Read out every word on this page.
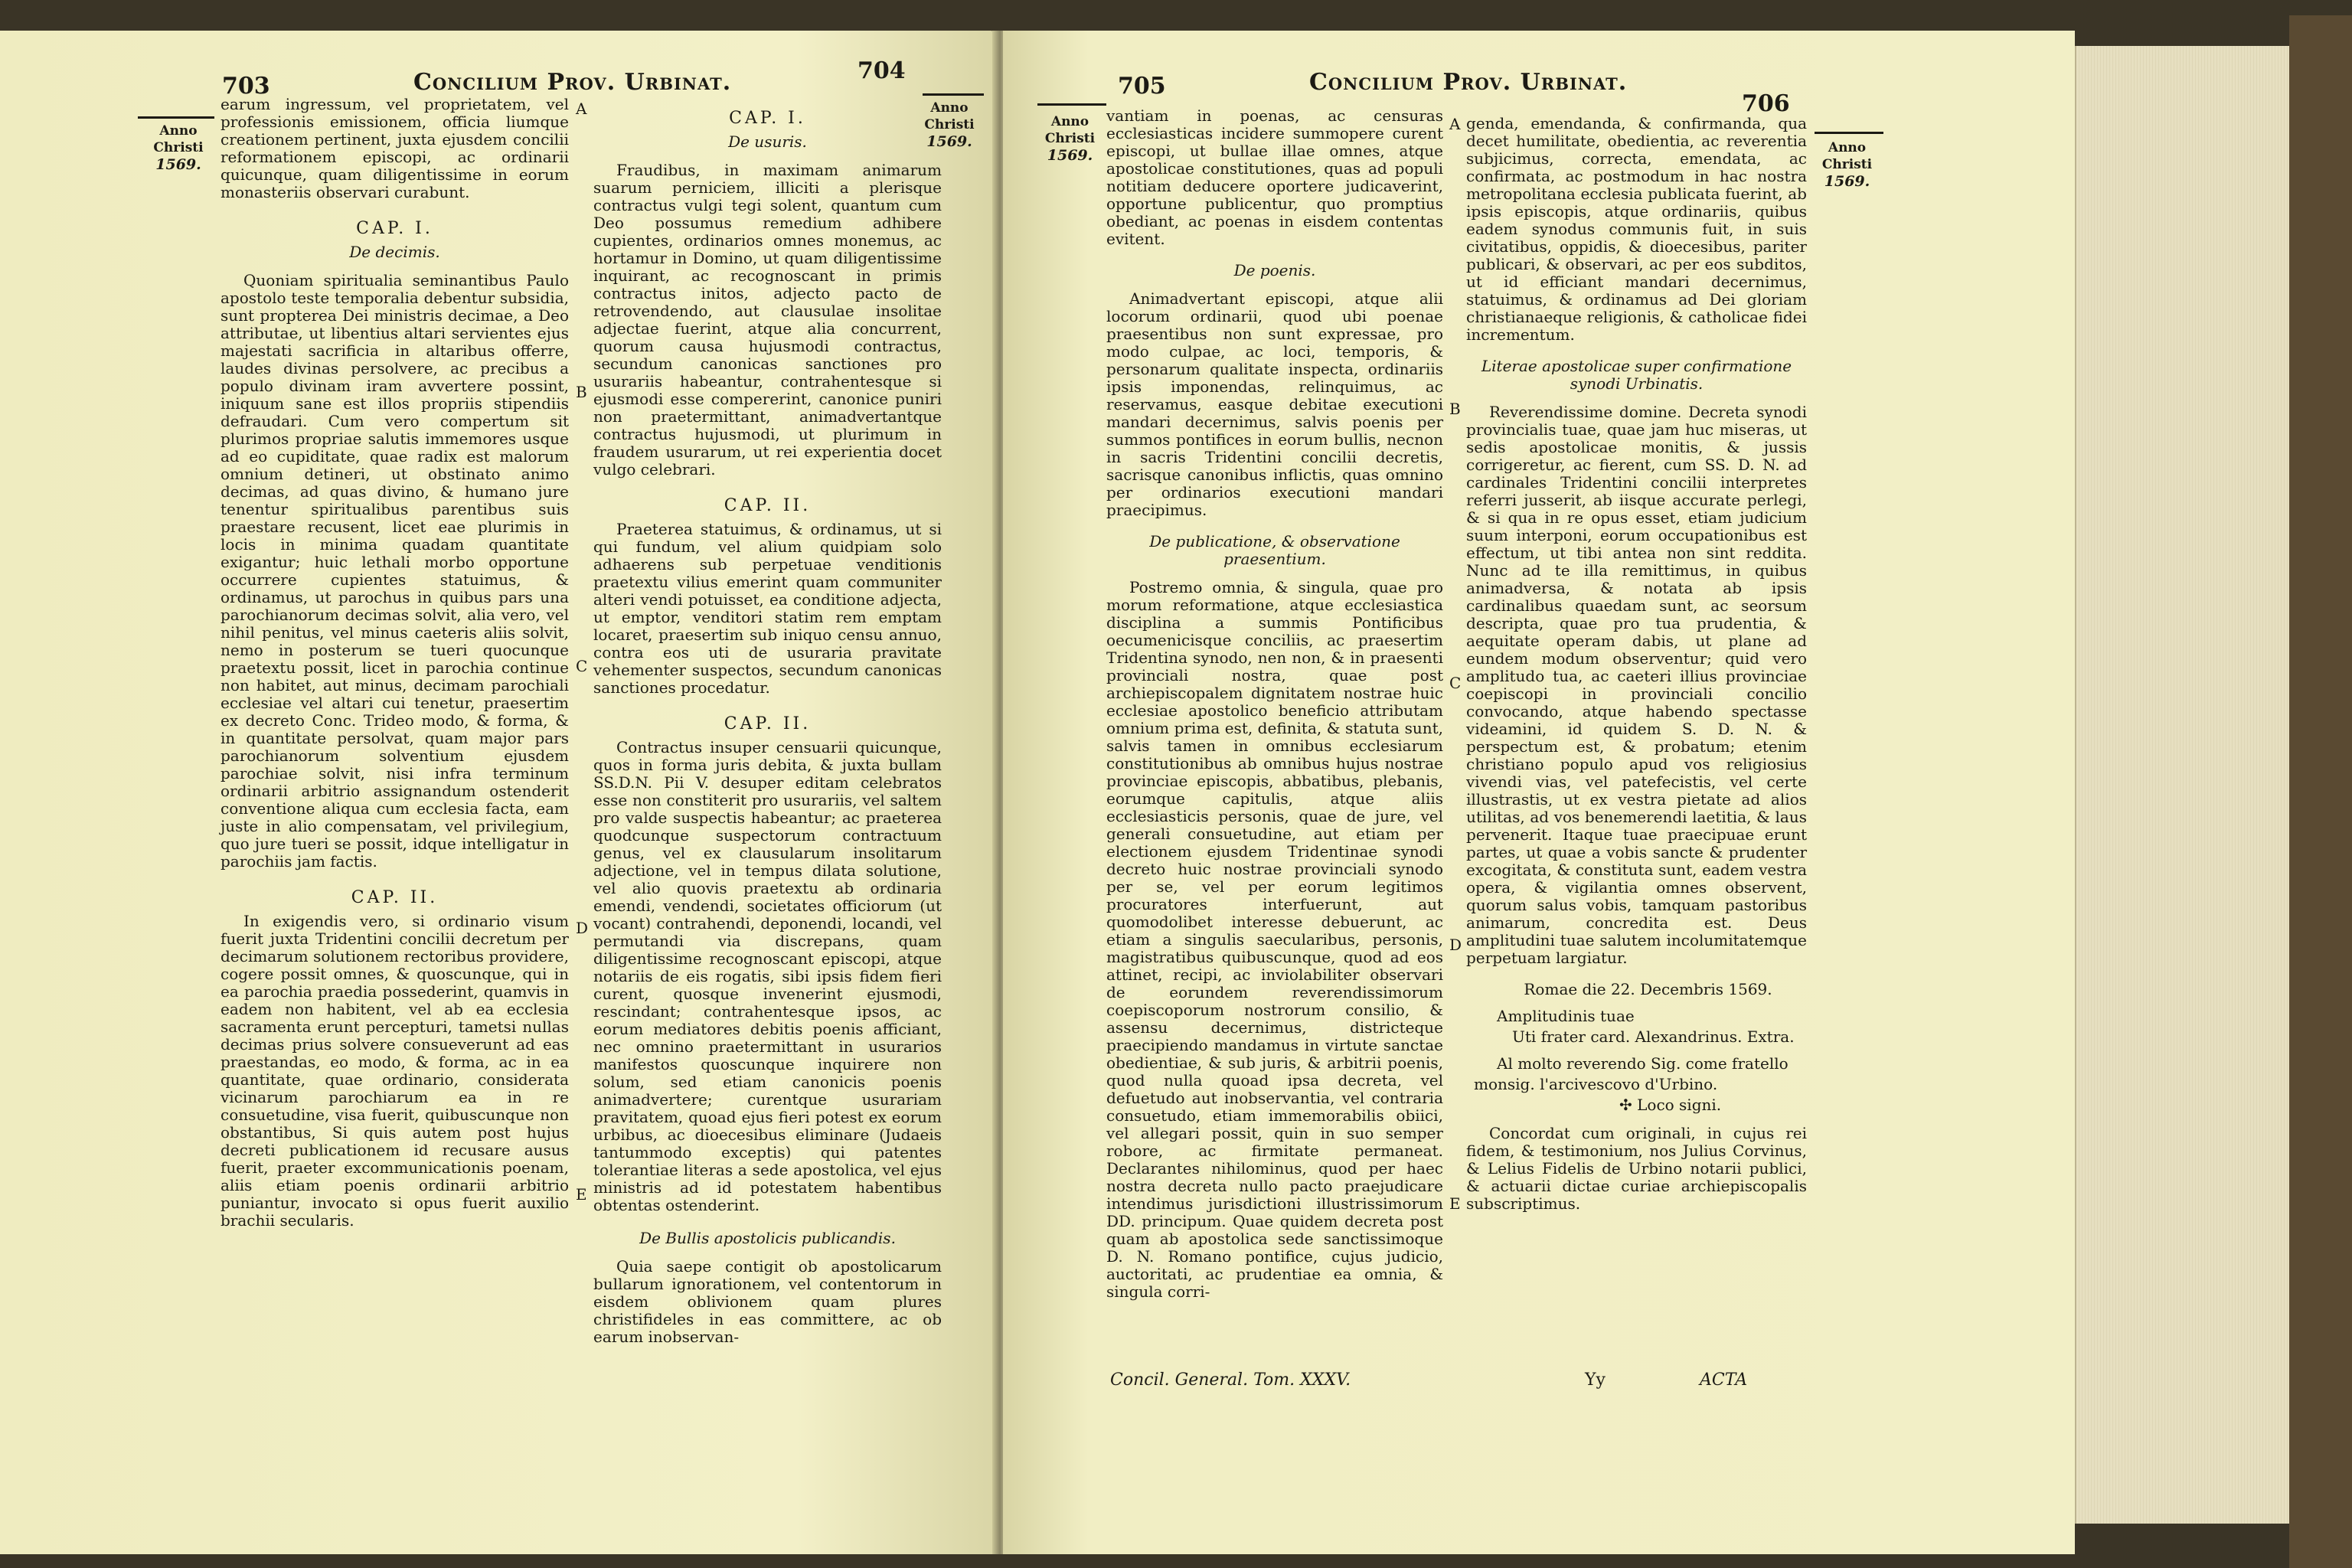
703	Concilium Prov. Urbinat.	704
Anno
Christi
1569.
Anno
Christi
1569.

earum ingressum, vel proprietatem, vel professionis emissionem, officia liumque creationem pertinent, juxta ejusdem concilii reformationem episcopi, ac ordinarii quicunque, quam diligentissime in eorum monasteriis observari curabunt.

CAP. I.
De decimis.

Quoniam spiritualia seminantibus Paulo apostolo teste temporalia debentur subsidia, sunt propterea Dei ministris decimae, a Deo attributae, ut libentius altari servientes ejus majestati sacrificia in altaribus offerre, laudes divinas persolvere, ac precibus a populo divinam iram avvertere possint, iniquum sane est illos propriis stipendiis defraudari. Cum vero compertum sit plurimos propriae salutis immemores usque ad eo cupiditate, quae radix est malorum omnium detineri, ut obstinato animo decimas, ad quas divino, & humano jure tenentur spiritualibus parentibus suis praestare recusent, licet eae plurimis in locis in minima quadam quantitate exigantur; huic lethali morbo opportune occurrere cupientes statuimus, & ordinamus, ut parochus in quibus pars una parochianorum decimas solvit, alia vero, vel nihil penitus, vel minus caeteris aliis solvit, nemo in posterum se tueri quocunque praetextu possit, licet in parochia continue non habitet, aut minus, decimam parochiali ecclesiae vel altari cui tenetur, praesertim ex decreto Conc. Trideo modo, & forma, & in quantitate persolvat, quam major pars parochianorum solventium ejusdem parochiae solvit, nisi infra terminum ordinarii arbitrio assignandum ostenderit conventione aliqua cum ecclesia facta, eam juste in alio compensatam, vel privilegium, quo jure tueri se possit, idque intelligatur in parochiis jam factis.

CAP. II.

In exigendis vero, si ordinario visum fuerit juxta Tridentini concilii decretum per decimarum solutionem rectoribus providere, cogere possit omnes, & quoscunque, qui in ea parochia praedia possederint, quamvis in eadem non habitent, vel ab ea ecclesia sacramenta erunt percepturi, tametsi nullas decimas prius solvere consueverunt ad eas praestandas, eo modo, & forma, ac in ea quantitate, quae ordinario, considerata vicinarum parochiarum ea in re consuetudine, visa fuerit, quibuscunque non obstantibus, Si quis autem post hujus decreti publicationem id recusare ausus fuerit, praeter excommunicationis poenam, aliis etiam poenis ordinarii arbitrio puniantur, invocato si opus fuerit auxilio brachii secularis.

CAP. I.
De usuris.

Fraudibus, in maximam animarum suarum perniciem, illiciti a plerisque contractus vulgi tegi solent, quantum cum Deo possumus remedium adhibere cupientes, ordinarios omnes monemus, ac hortamur in Domino, ut quam diligentissime inquirant, ac recognoscant in primis contractus initos, adjecto pacto de retrovendendo, aut clausulae insolitae adjectae fuerint, atque alia concurrent, quorum causa hujusmodi contractus, secundum canonicas sanctiones pro usurariis habeantur, contrahentesque si ejusmodi esse compererint, canonice puniri non praetermittant, animadvertantque contractus hujusmodi, ut plurimum in fraudem usurarum, ut rei experientia docet vulgo celebrari.

CAP. II.

Praeterea statuimus, & ordinamus, ut si qui fundum, vel alium quidpiam solo adhaerens sub perpetuae venditionis praetextu vilius emerint quam communiter alteri vendi potuisset, ea conditione adjecta, ut emptor, venditori statim rem emptam locaret, praesertim sub iniquo censu annuo, contra eos uti de usuraria pravitate vehementer suspectos, secundum canonicas sanctiones procedatur.

CAP. II.

Contractus insuper censuarii quicunque, quos in forma juris debita, & juxta bullam SS.D.N. Pii V. desuper editam celebratos esse non constiterit pro usurariis, vel saltem pro valde suspectis habeantur; ac praeterea quodcunque suspectorum contractuum genus, vel ex clausularum insolitarum adjectione, vel in tempus dilata solutione, vel alio quovis praetextu ab ordinaria emendi, vendendi, societates officiorum (ut vocant) contrahendi, deponendi, locandi, vel permutandi via discrepans, quam diligentissime recognoscant episcopi, atque notariis de eis rogatis, sibi ipsis fidem fieri curent, quosque invenerint ejusmodi, rescindant; contrahentesque ipsos, ac eorum mediatores debitis poenis afficiant, nec omnino praetermittant in usurarios manifestos quoscunque inquirere non solum, sed etiam canonicis poenis animadvertere; curentque usurariam pravitatem, quoad ejus fieri potest ex eorum urbibus, ac dioecesibus eliminare (Judaeis tantummodo exceptis) qui patentes tolerantiae literas a sede apostolica, vel ejus ministris ad id potestatem habentibus obtentas ostenderint.

De Bullis apostolicis publicandis.

Quia saepe contigit ob apostolicarum bullarum ignorationem, vel contentorum in eisdem oblivionem quam plures christifideles in eas committere, ac ob earum inobservan-

A
B
C
D
E
705	Concilium Prov. Urbinat.
706
Anno
Christi
1569.	Anno
Christi
1569.

vantiam in poenas, ac censuras ecclesiasticas incidere summopere curent episcopi, ut bullae illae omnes, atque apostolicae constitutiones, quas ad populi notitiam deducere oportere judicaverint, opportune publicentur, quo promptius obediant, ac poenas in eisdem contentas evitent.

De poenis.

Animadvertant episcopi, atque alii locorum ordinarii, quod ubi poenae praesentibus non sunt expressae, pro modo culpae, ac loci, temporis, & personarum qualitate inspecta, ordinariis ipsis imponendas, relinquimus, ac reservamus, easque debitae executioni mandari decernimus, salvis poenis per summos pontifices in eorum bullis, necnon in sacris Tridentini concilii decretis, sacrisque canonibus inflictis, quas omnino per ordinarios executioni mandari praecipimus.

De publicatione, & observatione praesentium.

Postremo omnia, & singula, quae pro morum reformatione, atque ecclesiastica disciplina a summis Pontificibus oecumenicisque conciliis, ac praesertim Tridentina synodo, nen non, & in praesenti provinciali nostra, quae post archiepiscopalem dignitatem nostrae huic ecclesiae apostolico beneficio attributam omnium prima est, definita, & statuta sunt, salvis tamen in omnibus ecclesiarum constitutionibus ab omnibus hujus nostrae provinciae episcopis, abbatibus, plebanis, eorumque capitulis, atque aliis ecclesiasticis personis, quae de jure, vel generali consuetudine, aut etiam per electionem ejusdem Tridentinae synodi decreto huic nostrae provinciali synodo per se, vel per eorum legitimos procuratores interfuerunt, aut quomodolibet interesse debuerunt, ac etiam a singulis saecularibus, personis, magistratibus quibuscunque, quod ad eos attinet, recipi, ac inviolabiliter observari de eorundem reverendissimorum coepiscoporum nostrorum consilio, & assensu decernimus, districteque praecipiendo mandamus in virtute sanctae obedientiae, & sub juris, & arbitrii poenis, quod nulla quoad ipsa decreta, vel defuetudo aut inobservantia, vel contraria consuetudo, etiam immemorabilis obiici, vel allegari possit, quin in suo semper robore, ac firmitate permaneat. Declarantes nihilominus, quod per haec nostra decreta nullo pacto praejudicare intendimus jurisdictioni illustrissimorum DD. principum. Quae quidem decreta post quam ab apostolica sede sanctissimoque D. N. Romano pontifice, cujus judicio, auctoritati, ac prudentiae ea omnia, & singula corri-

genda, emendanda, & confirmanda, qua decet humilitate, obedientia, ac reverentia subjicimus, correcta, emendata, ac confirmata, ac postmodum in hac nostra metropolitana ecclesia publicata fuerint, ab ipsis episcopis, atque ordinariis, quibus eadem synodus communis fuit, in suis civitatibus, oppidis, & dioecesibus, pariter publicari, & observari, ac per eos subditos, ut id efficiant mandari decernimus, statuimus, & ordinamus ad Dei gloriam christianaeque religionis, & catholicae fidei incrementum.

Literae apostolicae super confirmatione synodi Urbinatis.

Reverendissime domine. Decreta synodi provincialis tuae, quae jam huc miseras, ut sedis apostolicae monitis, & jussis corrigeretur, ac fierent, cum SS. D. N. ad cardinales Tridentini concilii interpretes referri jusserit, ab iisque accurate perlegi, & si qua in re opus esset, etiam judicium suum interponi, eorum occupationibus est effectum, ut tibi antea non sint reddita. Nunc ad te illa remittimus, in quibus animadversa, & notata ab ipsis cardinalibus quaedam sunt, ac seorsum descripta, quae pro tua prudentia, & aequitate operam dabis, ut plane ad eundem modum observentur; quid vero amplitudo tua, ac caeteri illius provinciae coepiscopi in provinciali concilio convocando, atque habendo spectasse videamini, id quidem S. D. N. & perspectum est, & probatum; etenim christiano populo apud vos religiosius vivendi vias, vel patefecistis, vel certe illustrastis, ut ex vestra pietate ad alios utilitas, ad vos benemerendi laetitia, & laus pervenerit. Itaque tuae praecipuae erunt partes, ut quae a vobis sancte & prudenter excogitata, & constituta sunt, eadem vestra opera, & vigilantia omnes observent, quorum salus vobis, tamquam pastoribus animarum, concredita est. Deus amplitudini tuae salutem incolumitatemque perpetuam largiatur.

Romae die 22. Decembris 1569.

Amplitudinis tuae

Uti frater card. Alexandrinus. Extra.

Al molto reverendo Sig. come fratello

monsig. l'arcivescovo d'Urbino.

✣ Loco signi.

Concordat cum originali, in cujus rei fidem, & testimonium, nos Julius Corvinus, & Lelius Fidelis de Urbino notarii publici, & actuarii dictae curiae archiepiscopalis subscriptimus.

A
B
C
D
E
Concil. General. Tom. XXXV.	Yy	ACTA
